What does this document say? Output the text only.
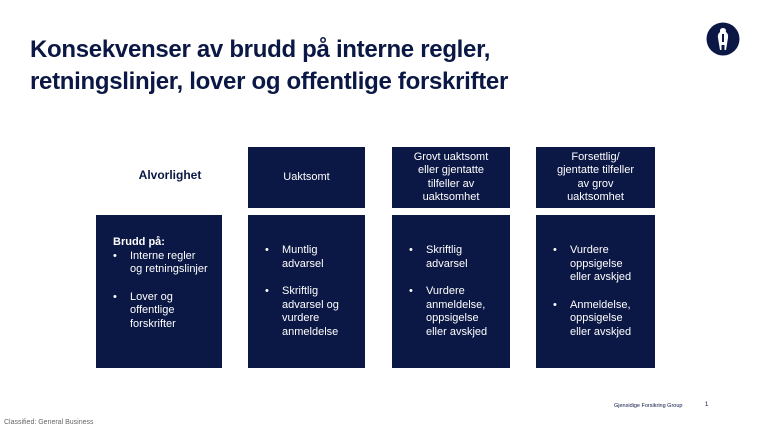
Konsekvenser av brudd på interne regler,
retningslinjer, lover og offentlige forskrifter
Alvorlighet	Uaktsomt
Grovt uaktsomt eller gjentatte tilfeller av uaktsomhet
Forsettlig/ gjentatte tilfeller av grov uaktsomhet
Brudd på:
• Interne regler og retningslinjer
• Lover og offentlige forskrifter
• Muntlig advarsel
• Skriftlig advarsel og vurdere anmeldelse
• Skriftlig advarsel
• Vurdere anmeldelse, oppsigelse eller avskjed
• Vurdere oppsigelse eller avskjed
• Anmeldelse, oppsigelse eller avskjed
Gjensidige Forsikring Group	1
Classified: General Business
